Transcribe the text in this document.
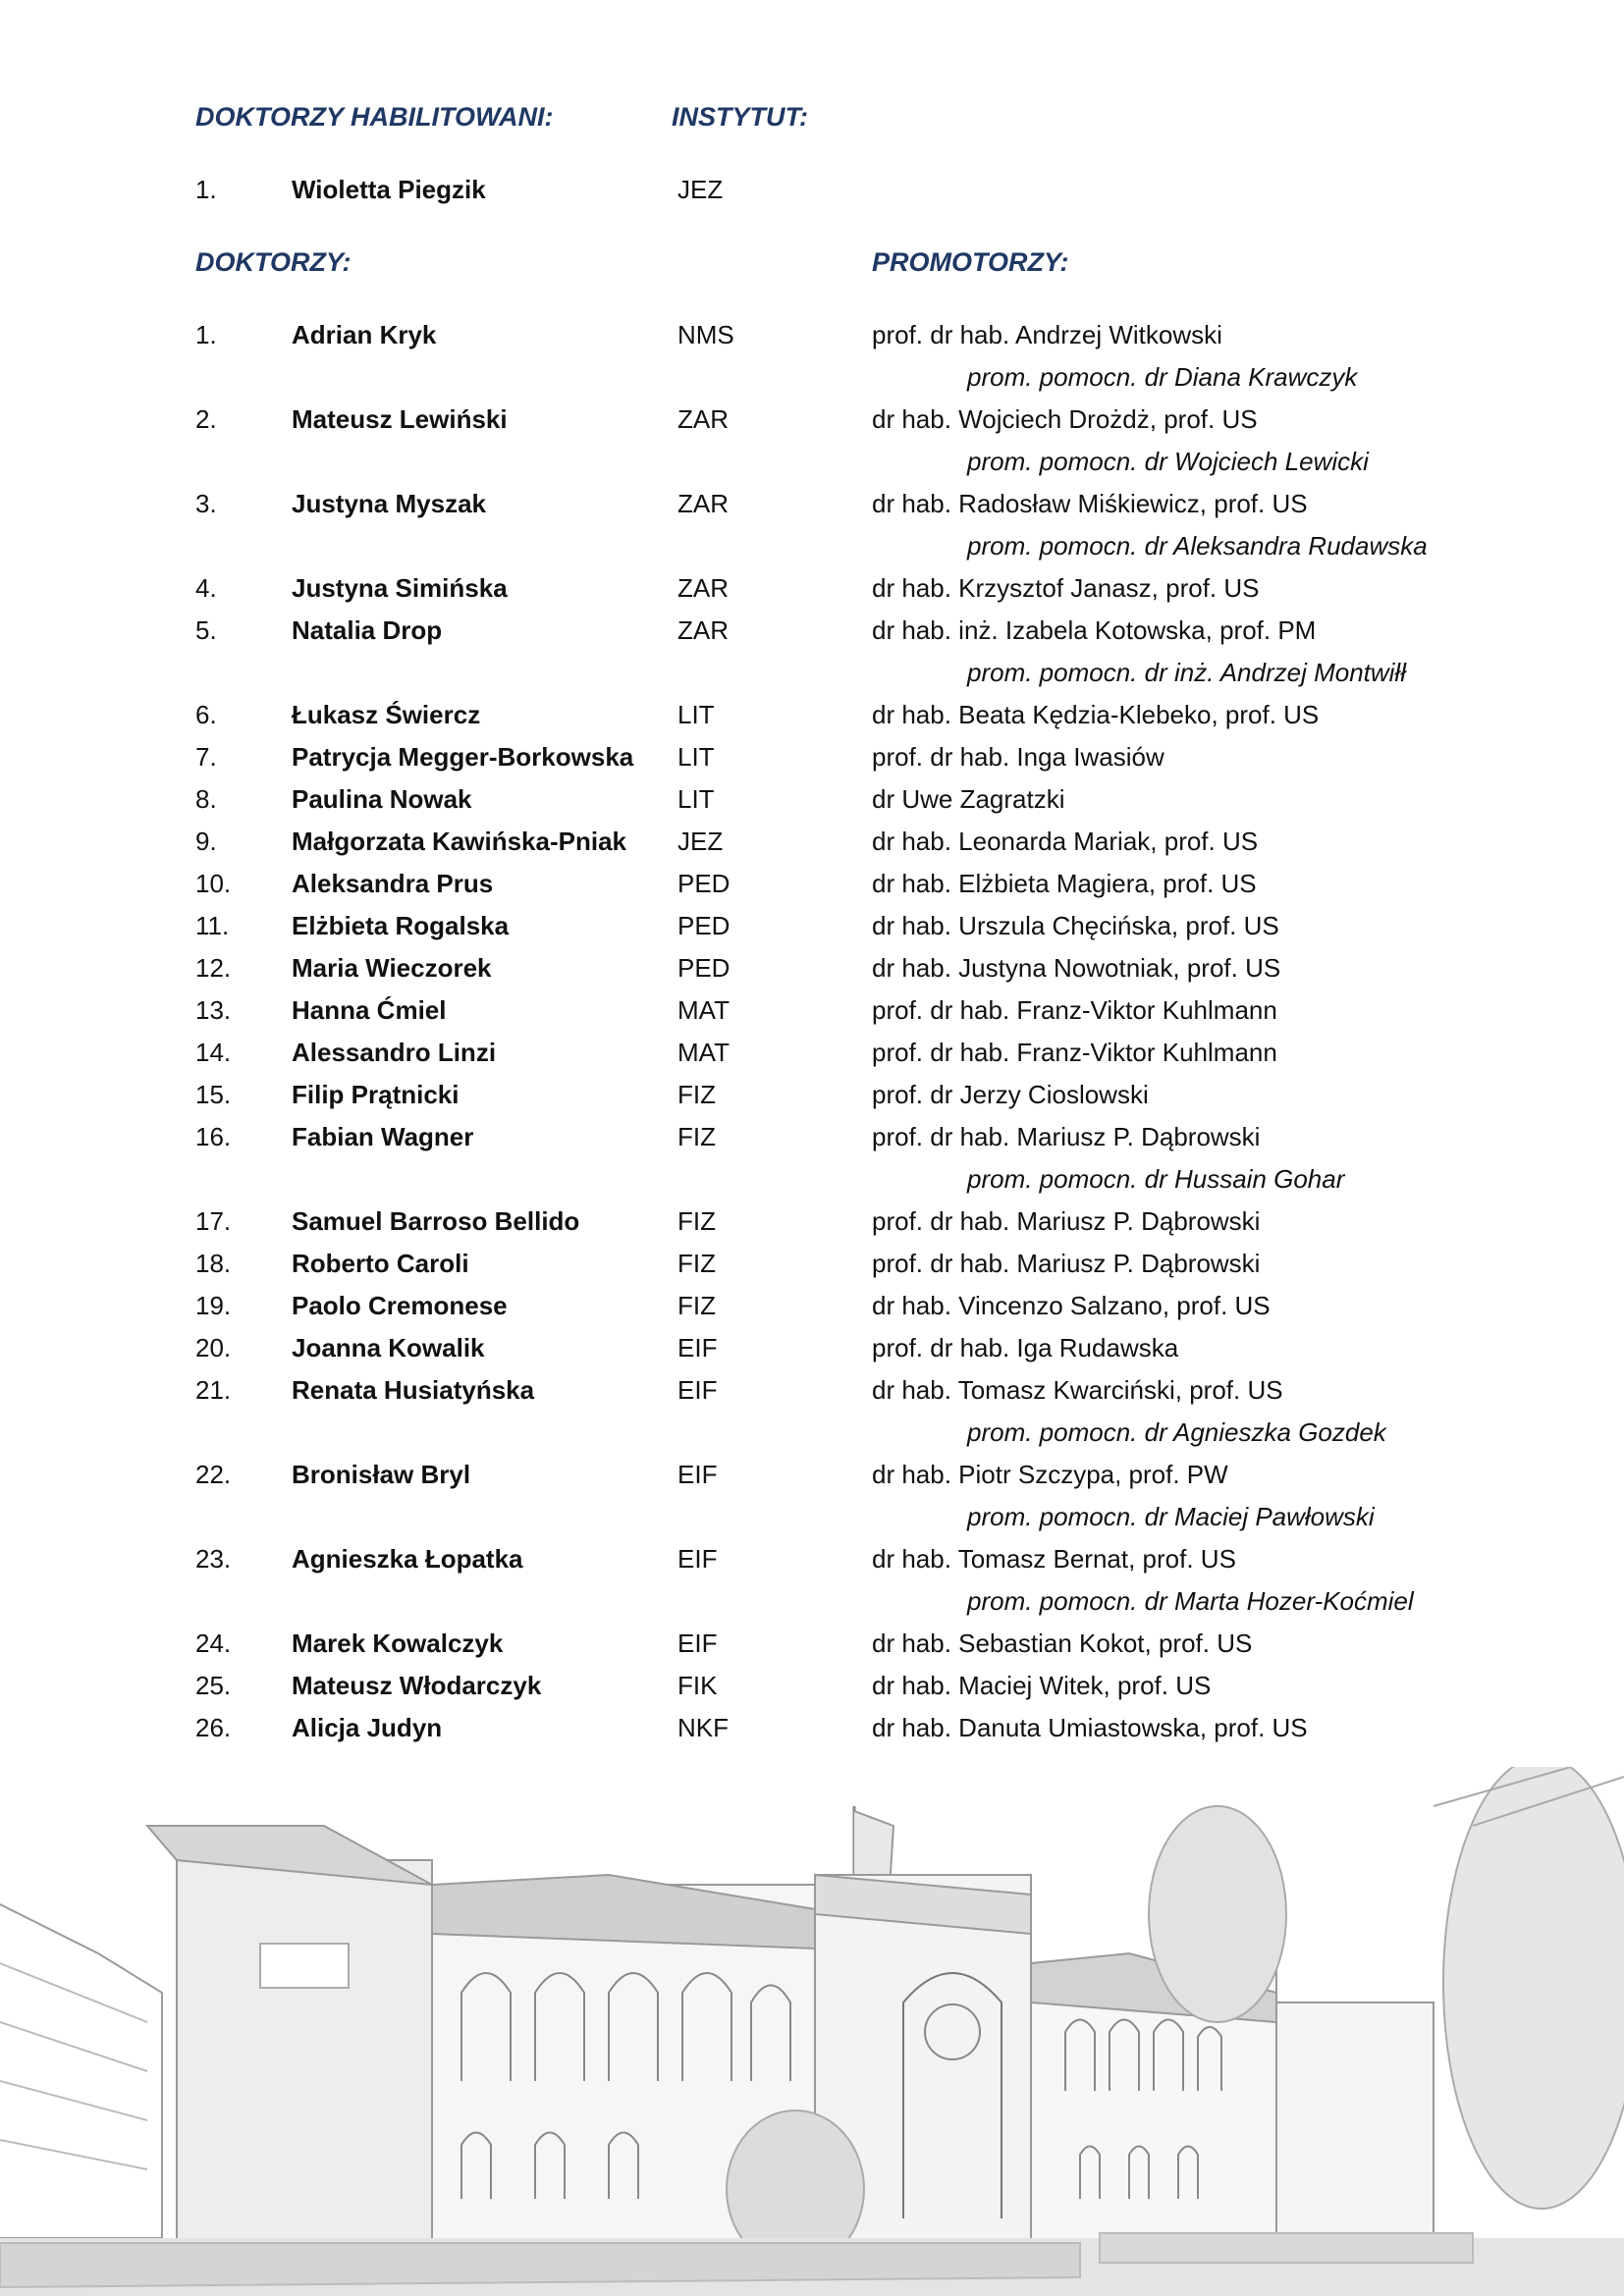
DOKTORZY HABILITOWANI:	INSTYTUT:
1.	Wioletta Piegzik	JEZ
DOKTORZY:	PROMOTORZY:
1.	Adrian Kryk	NMS	prof. dr hab. Andrzej Witkowski
prom. pomocn. dr Diana Krawczyk
2.	Mateusz Lewiński	ZAR	dr hab. Wojciech Drożdż, prof. US
prom. pomocn. dr Wojciech Lewicki
3.	Justyna Myszak	ZAR	dr hab. Radosław Miśkiewicz, prof. US
prom. pomocn. dr Aleksandra Rudawska
4.	Justyna Simińska	ZAR	dr hab. Krzysztof Janasz, prof. US
5.	Natalia Drop	ZAR	dr hab. inż. Izabela Kotowska, prof. PM
prom. pomocn. dr inż. Andrzej Montwiłł
6.	Łukasz Świercz	LIT	dr hab. Beata Kędzia-Klebeko, prof. US
7.	Patrycja Megger-Borkowska LIT	prof. dr hab. Inga Iwasiów
8.	Paulina Nowak	LIT	dr Uwe Zagratzki
9.	Małgorzata Kawińska-Pniak JEZ	dr hab. Leonarda Mariak, prof. US
10. Aleksandra Prus	PED	dr hab. Elżbieta Magiera, prof. US
11. Elżbieta Rogalska	PED	dr hab. Urszula Chęcińska, prof. US
12. Maria Wieczorek	PED	dr hab. Justyna Nowotniak, prof. US
13. Hanna Ćmiel	MAT	prof. dr hab. Franz-Viktor Kuhlmann
14. Alessandro Linzi	MAT	prof. dr hab. Franz-Viktor Kuhlmann
15. Filip Prątnicki	FIZ	prof. dr Jerzy Cioslowski
16. Fabian Wagner	FIZ	prof. dr hab. Mariusz P. Dąbrowski
prom. pomocn. dr Hussain Gohar
17. Samuel Barroso Bellido	FIZ	prof. dr hab. Mariusz P. Dąbrowski
18. Roberto Caroli	FIZ	prof. dr hab. Mariusz P. Dąbrowski
19. Paolo Cremonese	FIZ	dr hab. Vincenzo Salzano, prof. US
20. Joanna Kowalik	EIF	prof. dr hab. Iga Rudawska
21. Renata Husiatyńska	EIF	dr hab. Tomasz Kwarciński, prof. US
prom. pomocn. dr Agnieszka Gozdek
22. Bronisław Bryl	EIF	dr hab. Piotr Szczypa, prof. PW
prom. pomocn. dr Maciej Pawłowski
23. Agnieszka Łopatka	EIF	dr hab. Tomasz Bernat, prof. US
prom. pomocn. dr Marta Hozer-Koćmiel
24. Marek Kowalczyk	EIF	dr hab. Sebastian Kokot, prof. US
25. Mateusz Włodarczyk	FIK	dr hab. Maciej Witek, prof. US
26. Alicja Judyn	NKF	dr hab. Danuta Umiastowska, prof. US
